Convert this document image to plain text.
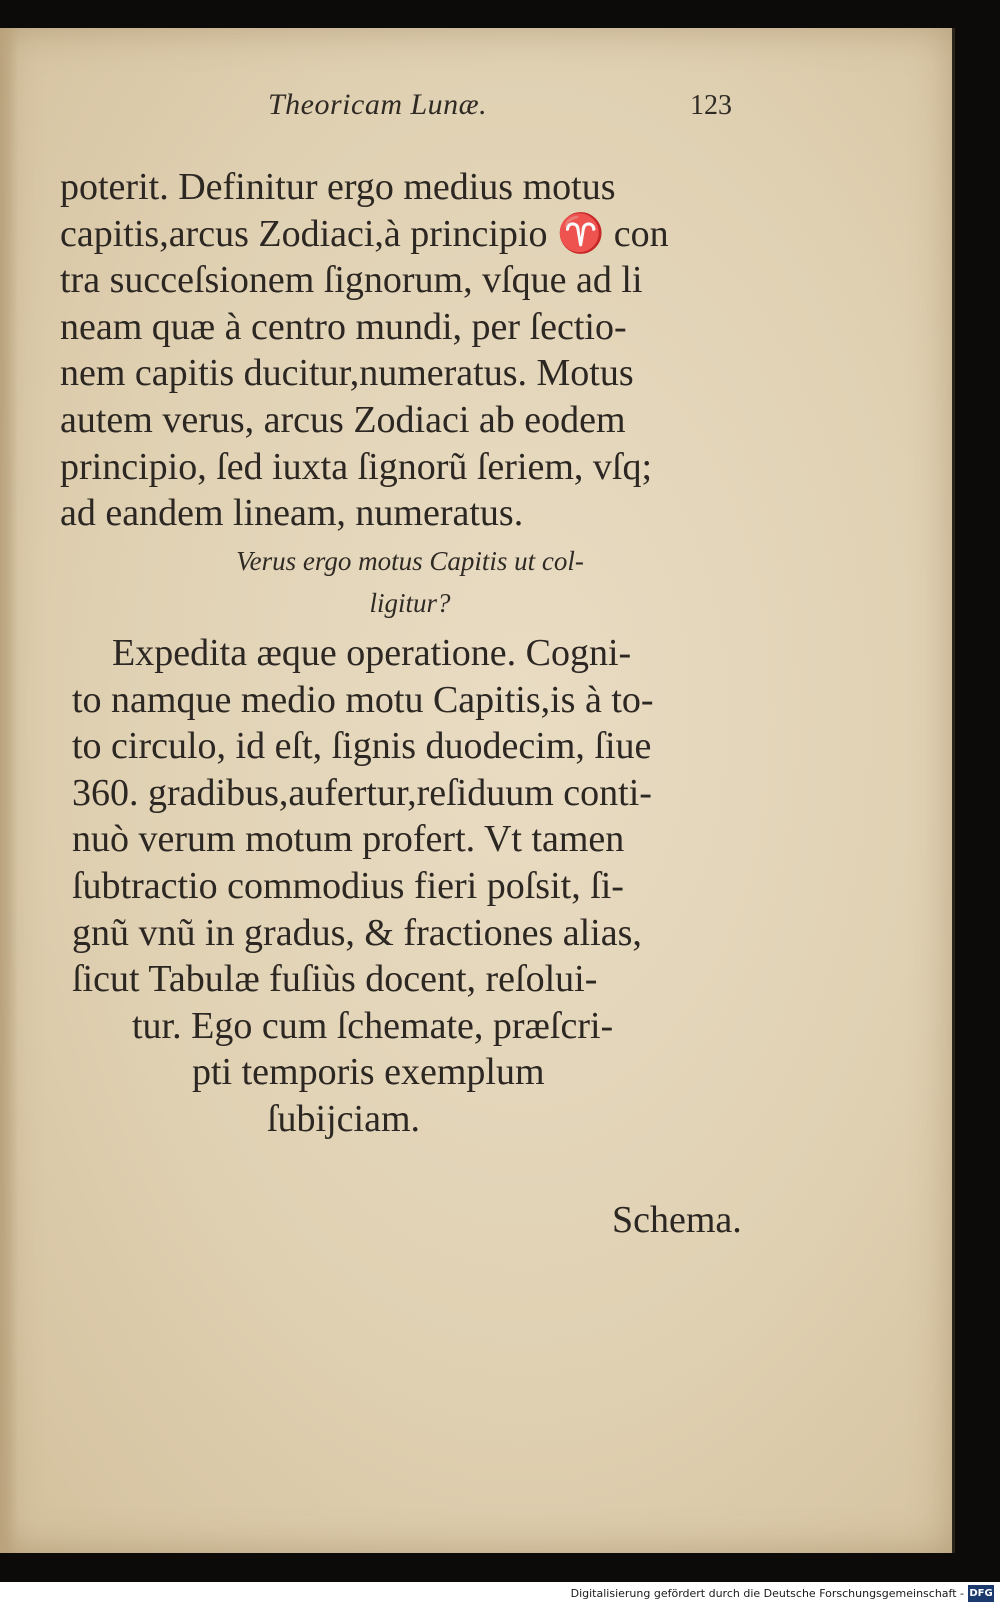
Theoricam Lunæ.	123
poterit. Definitur ergo medius motus
capitis,arcus Zodiaci,à principio ♈ con
tra succeſsionem ſignorum, vſque ad li
neam quæ à centro mundi, per ſectio-
nem capitis ducitur,numeratus. Motus
autem verus, arcus Zodiaci ab eodem
principio, ſed iuxta ſignorũ ſeriem, vſq;
ad eandem lineam, numeratus.
Verus ergo motus Capitis ut col-
ligitur?
Expedita æque operatione. Cogni-
to namque medio motu Capitis,is à to-
to circulo, id eſt, ſignis duodecim, ſiue
360. gradibus,aufertur,reſiduum conti-
nuò verum motum profert. Vt tamen
ſubtractio commodius fieri poſsit, ſi-
gnũ vnũ in gradus, & fractiones alias,
ſicut Tabulæ fuſiùs docent, reſolui-
tur. Ego cum ſchemate, præſcri-
pti temporis exemplum
ſubijciam.
Schema.
Digitalisierung gefördert durch die Deutsche Forschungsgemeinschaft - DFG
